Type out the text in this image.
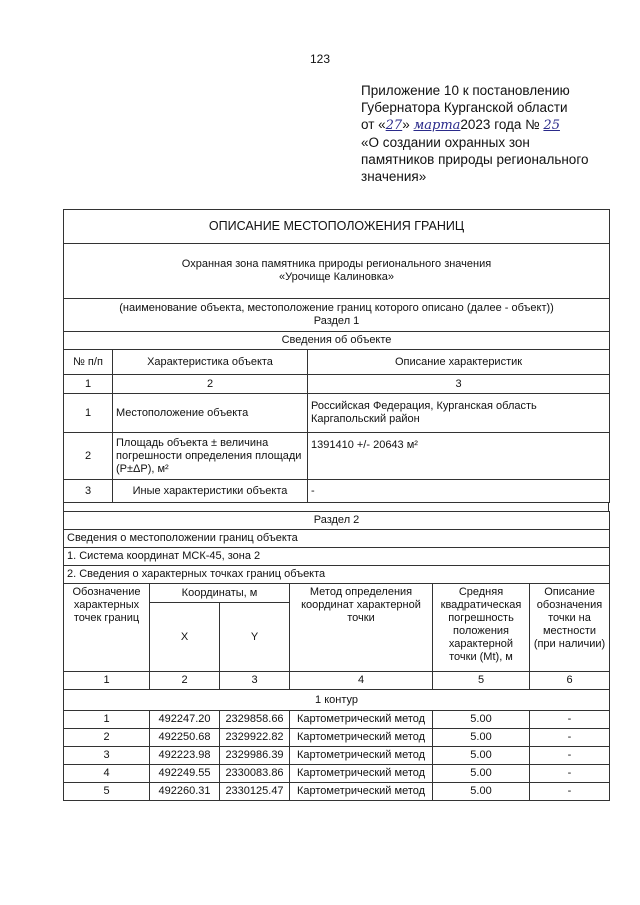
123
Приложение 10 к постановлению
Губернатора Курганской области
от «27» марта2023 года № 25
«О создании охранных зон
памятников природы регионального
значения»
ОПИСАНИЕ МЕСТОПОЛОЖЕНИЯ ГРАНИЦ		

Охранная зона памятника природы регионального значения
«Урочище Калиновка»		

(наименование объекта, местоположение границ которого описано (далее - объект))
Раздел 1		

Сведения об объекте		
№ п/п	Характеристика объекта	Описание характеристик
1	2	3
1	Местоположение объекта	Российская Федерация, Курганская область Каргапольский район
2	Площадь объекта ± величина погрешности определения площади (P±ΔP), м²	1391410 +/- 20643 м²
3	Иные характеристики объекта	-
Раздел 2					
Сведения о местоположении границ объекта					
1. Система координат МСК-45, зона 2					
2. Сведения о характерных точках границ объекта					
Обозначение характерных точек границ	Координаты, м		Метод определения координат характерной точки	Средняя квадратическая погрешность положения характерной точки (Mt), м	Описание обозначения точки на местности (при наличии)
	X	Y			
1	2	3	4	5	6
1 контур					
1	492247.20	2329858.66	Картометрический метод	5.00	-
2	492250.68	2329922.82	Картометрический метод	5.00	-
3	492223.98	2329986.39	Картометрический метод	5.00	-
4	492249.55	2330083.86	Картометрический метод	5.00	-
5	492260.31	2330125.47	Картометрический метод	5.00	-
